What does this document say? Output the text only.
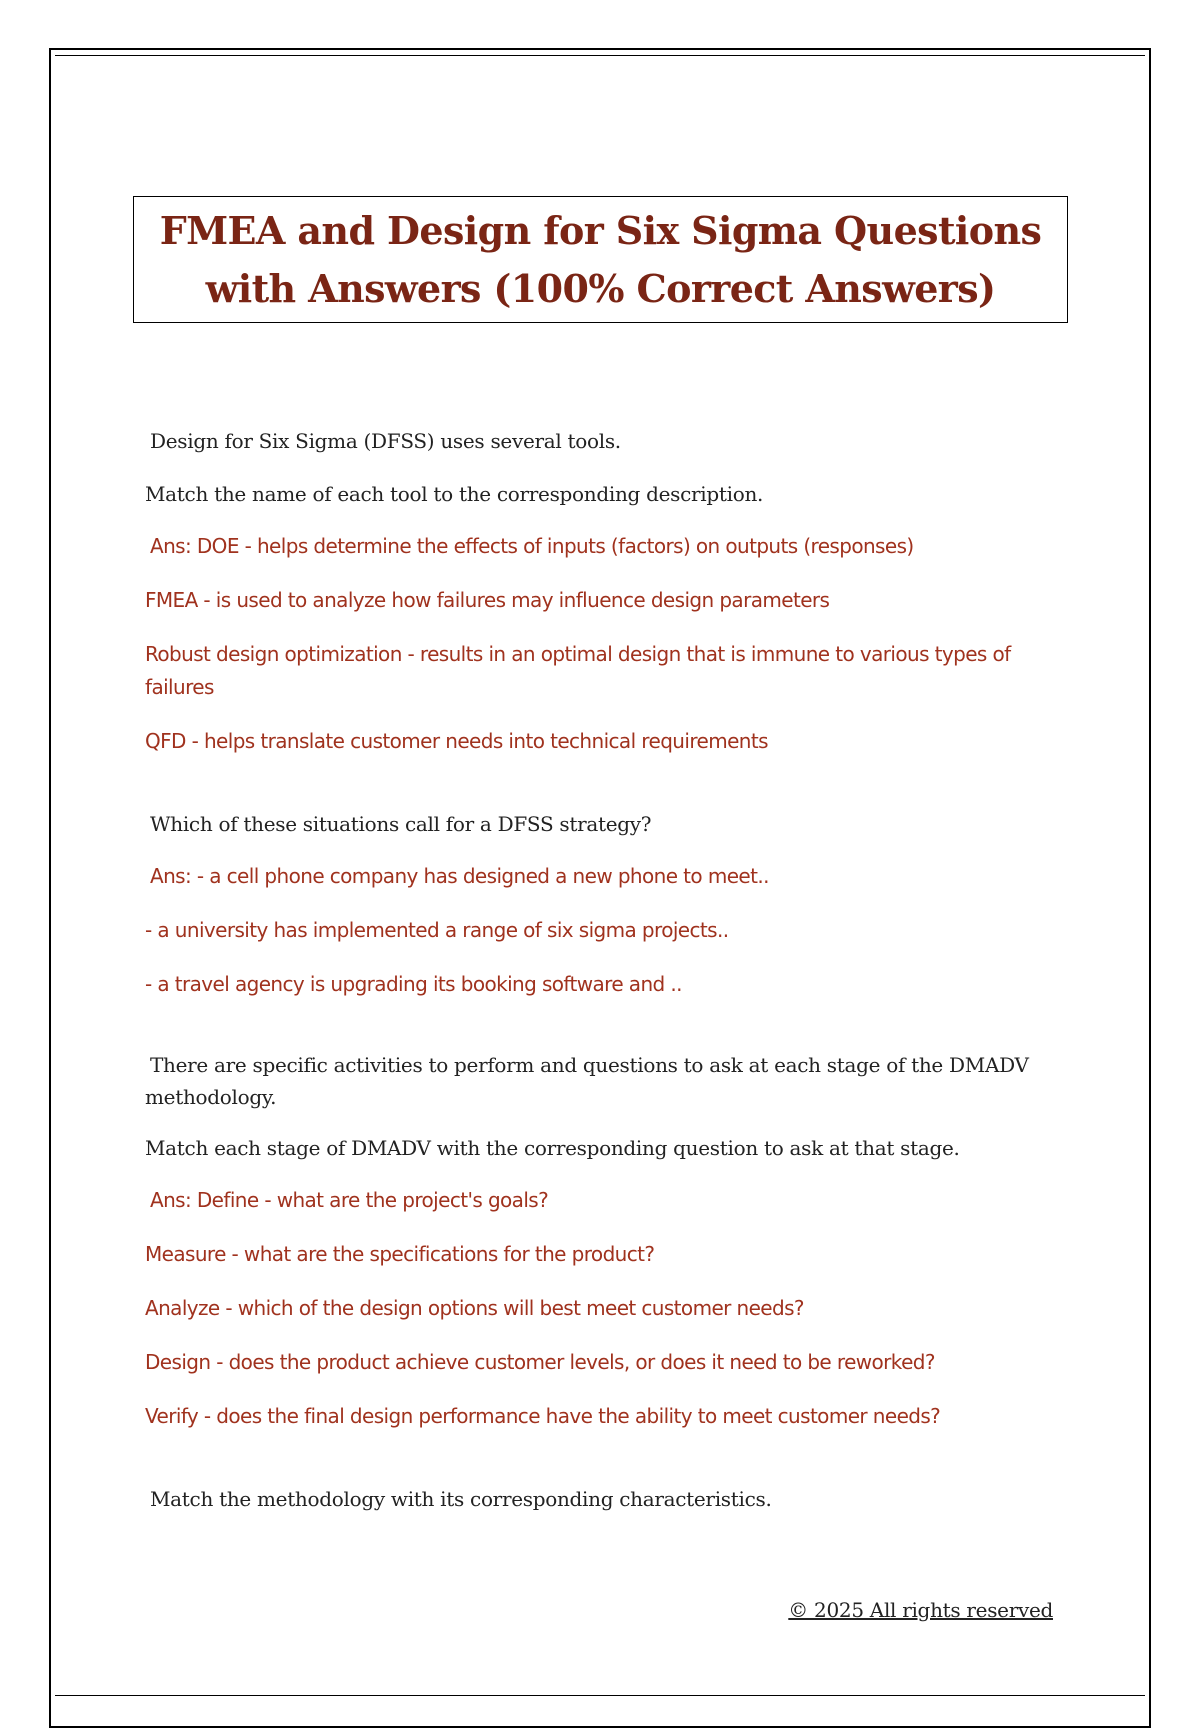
FMEA and Design for Six Sigma Questions
with Answers (100% Correct Answers)

Design for Six Sigma (DFSS) uses several tools.

Match the name of each tool to the corresponding description.

Ans: DOE - helps determine the effects of inputs (factors) on outputs (responses)

FMEA - is used to analyze how failures may influence design parameters

Robust design optimization - results in an optimal design that is immune to various types of failures

QFD - helps translate customer needs into technical requirements

Which of these situations call for a DFSS strategy?

Ans: - a cell phone company has designed a new phone to meet..

- a university has implemented a range of six sigma projects..

- a travel agency is upgrading its booking software and ..

There are specific activities to perform and questions to ask at each stage of the DMADV methodology.

Match each stage of DMADV with the corresponding question to ask at that stage.

Ans: Define - what are the project's goals?

Measure - what are the specifications for the product?

Analyze - which of the design options will best meet customer needs?

Design - does the product achieve customer levels, or does it need to be reworked?

Verify - does the final design performance have the ability to meet customer needs?

Match the methodology with its corresponding characteristics.

© 2025 All rights reserved
